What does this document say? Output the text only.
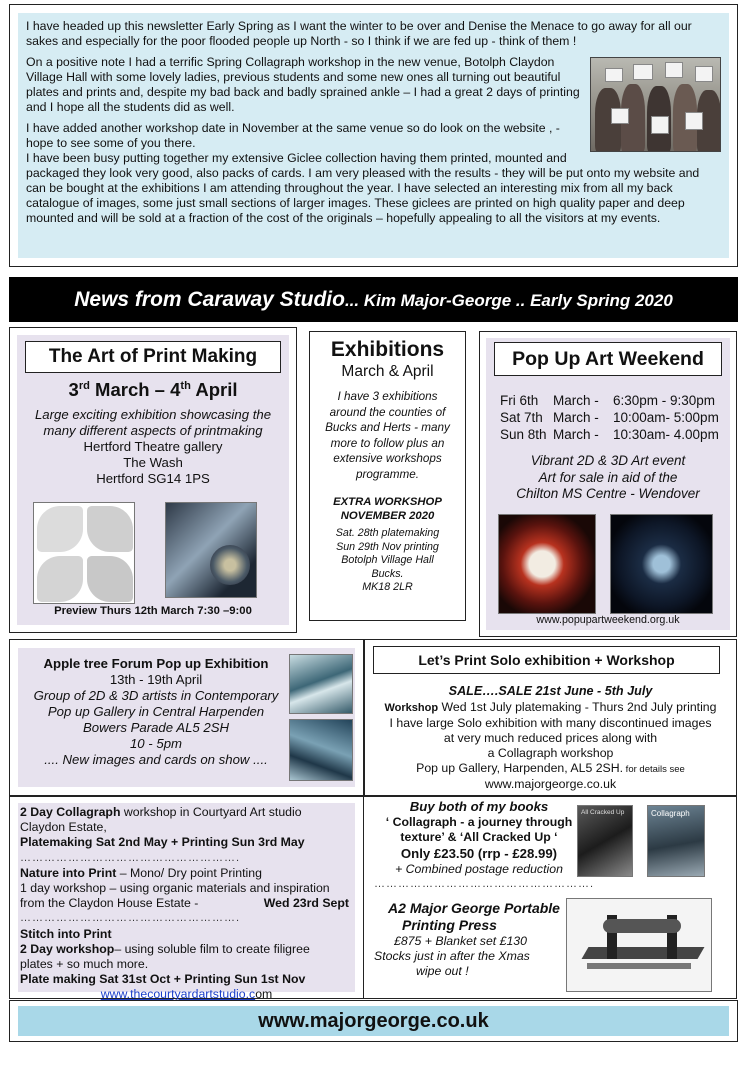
I have headed up this newsletter Early Spring as I want the winter to be over and Denise the Menace to go away for all our sakes and especially for the poor flooded people up North - so I think if we are fed up - think of them !

On a positive note I had a terrific Spring Collagraph workshop in the new venue, Botolph Claydon Village Hall with some lovely ladies, previous students and some new ones all turning out beautiful plates and prints and, despite my bad back and badly sprained ankle – I had a great 2 days of printing and I hope all the students did as well.

I have added another workshop date in November at the same venue so do look on the website , - hope to see some of you there.

I have been busy putting together my extensive Giclee collection having them printed, mounted and packaged they look very good, also packs of cards. I am very pleased with the results - they will be put onto my website and can be bought at the exhibitions I am attending throughout the year. I have selected an interesting mix from all my back catalogue of images, some just small sections of larger images. These giclees are printed on high quality paper and deep mounted and will be sold at a fraction of the cost of the originals – hopefully appealing to all the visitors at my events.

News from Caraway Studio... Kim Major-George .. Early Spring 2020
The Art of Print Making
3rd March – 4th April
Large exciting exhibition showcasing the many different aspects of printmaking
Hertford Theatre gallery
The Wash
Hertford SG14 1PS
Preview Thurs 12th March 7:30 –9:00
Exhibitions
March & April
I have 3 exhibitions around the counties of Bucks and Herts - many more to follow plus an extensive workshops programme.
EXTRA WORKSHOP NOVEMBER 2020
Sat. 28th platemaking
Sun 29th Nov printing
Botolph Village Hall
Bucks.
MK18 2LR
Pop Up Art Weekend
Fri 6th	March -	6:30pm - 9:30pm
Sat 7th March -	10:00am- 5:00pm
Sun 8th March -	10:30am- 4.00pm
Vibrant 2D & 3D Art event
Art for sale in aid of the
Chilton MS Centre - Wendover
www.popupartweekend.org.uk
Apple tree Forum Pop up Exhibition
13th - 19th April
Group of 2D & 3D artists in Contemporary
Pop up Gallery in Central Harpenden
Bowers Parade AL5 2SH
10 - 5pm
.... New images and cards on show ....
Let’s Print Solo exhibition + Workshop
SALE….SALE 21st June - 5th July
Workshop Wed 1st July platemaking - Thurs 2nd July printing
I have large Solo exhibition with many discontinued images
at very much reduced prices along with
a Collagraph workshop
Pop up Gallery, Harpenden, AL5 2SH. for details see
www.majorgeorge.co.uk
2 Day Collagraph workshop in Courtyard Art studio
Claydon Estate,
Platemaking Sat 2nd May + Printing Sun 3rd May
……………………………………………….
Nature into Print – Mono/ Dry point Printing
1 day workshop – using organic materials and inspiration
from the Claydon House Estate -	Wed 23rd Sept
……………………………………………….
Stitch into Print
2 Day workshop– using soluble film to create filigree
plates + so much more.
Plate making Sat 31st Oct + Printing Sun 1st Nov
www.thecourtyardartstudio.com
Buy both of my books
‘ Collagraph - a journey through
texture’ & ‘All Cracked Up ‘
Only £23.50 (rrp - £28.99)
+ Combined postage reduction
All Cracked Up	Collagraph
……………………………………………….
A2 Major George Portable
Printing Press
£875 + Blanket set £130
Stocks just in after the Xmas
wipe out !
www.majorgeorge.co.uk
